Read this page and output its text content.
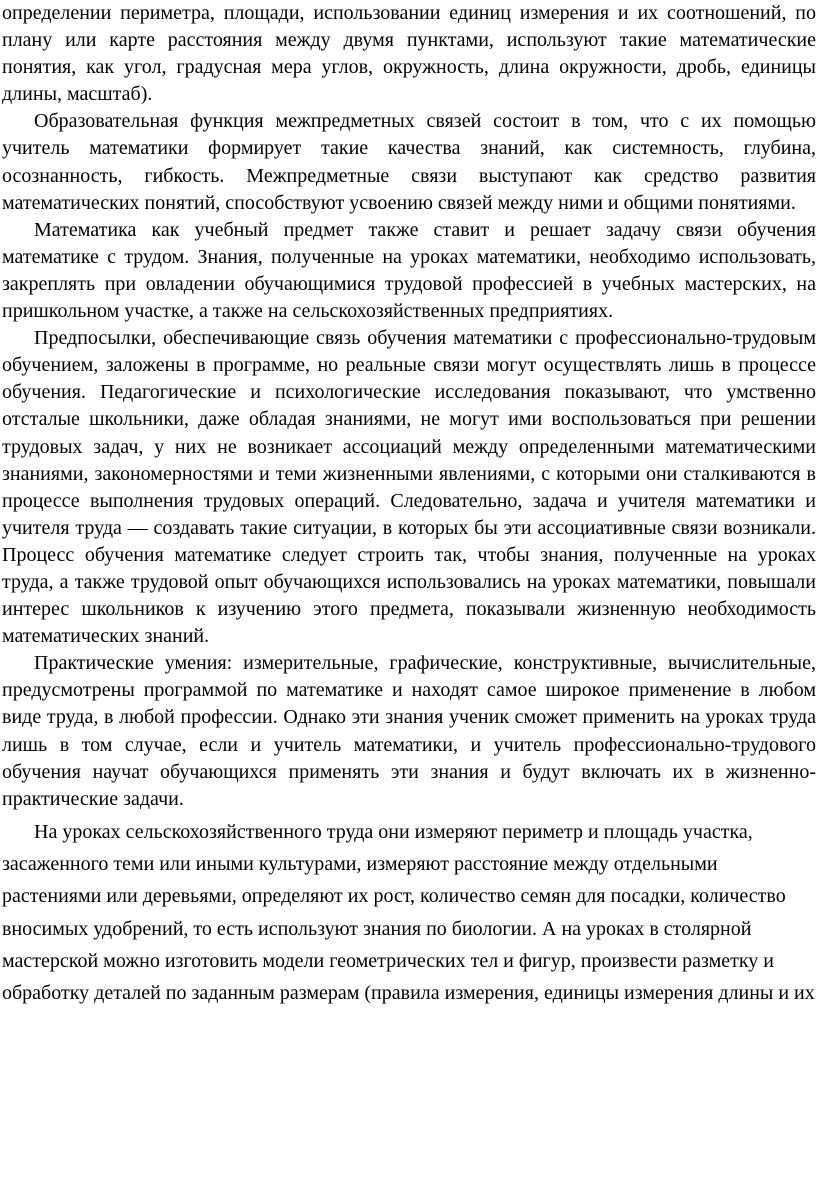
определении периметра, площади, использовании единиц измерения и их соотношений, по плану или карте расстояния между двумя пунктами, используют такие математические понятия, как угол, градусная мера углов, окружность, длина окружности, дробь, единицы длины, масштаб).

Образовательная функция межпредметных связей состоит в том, что с их помощью учитель математики формирует такие качества знаний, как системность, глубина, осознанность, гибкость. Межпредметные связи выступают как средство развития математических понятий, способствуют усвоению связей между ними и общими понятиями.

Математика как учебный предмет также ставит и решает задачу связи обучения математике с трудом. Знания, полученные на уроках математики, необходимо использовать, закреплять при овладении обучающимися трудовой профессией в учебных мастерских, на пришкольном участке, а также на сельскохозяйственных предприятиях.

Предпосылки, обеспечивающие связь обучения математики с профессионально-трудовым обучением, заложены в программе, но реальные связи могут осуществлять лишь в процессе обучения. Педагогические и психологические исследования показывают, что умственно отсталые школьники, даже обладая знаниями, не могут ими воспользоваться при решении трудовых задач, у них не возникает ассоциаций между определенными математическими знаниями, закономерностями и теми жизненными явлениями, с которыми они сталкиваются в процессе выполнения трудовых операций. Следовательно, задача и учителя математики и учителя труда — создавать такие ситуации, в которых бы эти ассоциативные связи возникали. Процесс обучения математике следует строить так, чтобы знания, полученные на уроках труда, а также трудовой опыт обучающихся использовались на уроках математики, повышали интерес школьников к изучению этого предмета, показывали жизненную необходимость математических знаний.

Практические умения: измерительные, графические, конструктивные, вычислительные, предусмотрены программой по математике и находят самое широкое применение в любом виде труда, в любой профессии. Однако эти знания ученик сможет применить на уроках труда лишь в том случае, если и учитель математики, и учитель профессионально-трудового обучения научат обучающихся применять эти знания и будут включать их в жизненно-практические задачи.

На уроках сельскохозяйственного труда они измеряют периметр и площадь участка, засаженного теми или иными культурами, измеряют расстояние между отдельными растениями или деревьями, определяют их рост, количество семян для посадки, количество вносимых удобрений, то есть используют знания по биологии. А на уроках в столярной мастерской можно изготовить модели геометрических тел и фигур, произвести разметку и обработку деталей по заданным размерам (правила измерения, единицы измерения длины и их
